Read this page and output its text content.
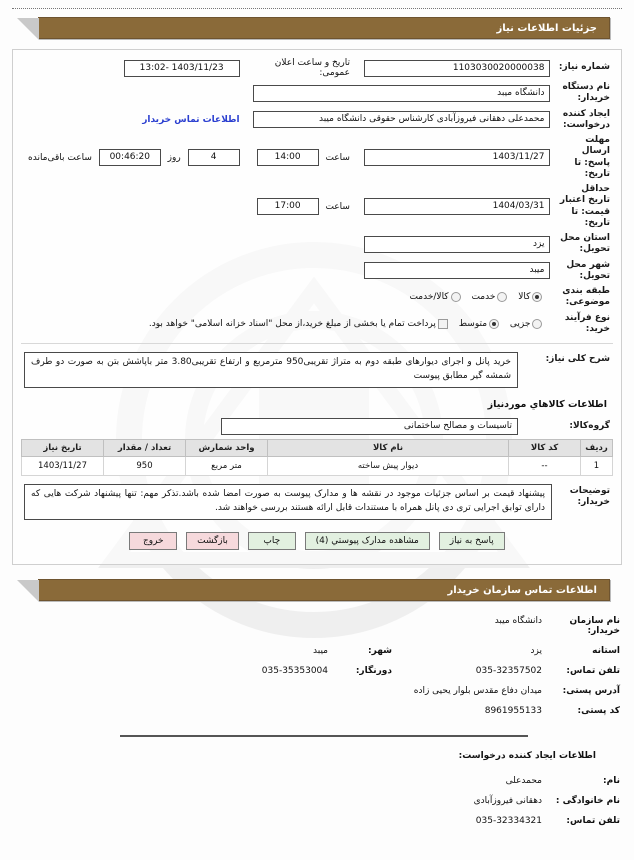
جزئیات اطلاعات نیاز
شماره نیاز:	1103030020000038	تاریخ و ساعت اعلان عمومی:	1403/11/23 -13:02
نام دستگاه خریدار:	دانشگاه میبد		
ایجاد کننده درخواست:	محمدعلی دهقانی فیروزآبادی کارشناس حقوقی دانشگاه میبد		اطلاعات تماس خریدار
مهلت ارسال پاسخ: تا تاریخ:	1403/11/27	ساعت 14:00	4 روز 00:46:20 ساعت باقی‌مانده
حداقل تاریخ اعتبار قیمت: تا تاریخ:	1404/03/31	ساعت 17:00	
استان محل تحویل:	یزد		
شهر محل تحویل:	میبد		
طبقه بندی موضوعی:	کالا خدمت کالا/خدمت		
نوع فرآیند خرید:	جزیی متوسط پرداخت تمام یا بخشی از مبلغ خرید،از محل "اسناد خزانه اسلامی" خواهد بود.		
شرح کلی نیاز:	
خرید پانل و اجرای دیوارهای طبقه دوم به متراژ تقریبی950 مترمربع و ارتفاع تقریبی3.80 متر باپاشش بتن به صورت دو طرف شمشه گیر مطابق پیوست
اطلاعات کالاهاي موردنیاز
گروه‌کالا:	تاسیسات و مصالح ساختمانی
ردیف	کد کالا	نام کالا	واحد شمارش	تعداد / مقدار	تاریخ نیاز
1	--	دیوار پیش ساخته	متر مربع	950	1403/11/27
توضیحات خریدار:	
پیشنهاد قیمت بر اساس جزئیات موجود در نقشه ها و مدارک پیوست به صورت امضا شده باشد.تذکر مهم: تنها پیشنهاد شرکت هایی که دارای توابق اجرایی تری دی پانل همراه با مستندات قابل ارائه هستند بررسی خواهند شد.
پاسخ به نیاز مشاهده مدارک پیوستي (4) چاپ بازگشت خروج
اطلاعات تماس سازمان خریدار
نام سازمان خریدار:	دانشگاه میبد		
استانه	یزد	شهر:	میبد
تلفن تماس:	035-32357502	دورنگار:	035-35353004
آدرس پستی:	میدان دفاع مقدس بلوار یحیی زاده		
کد پستی:	8961955133		
اطلاعات ایجاد کننده درخواست:
نام:	محمدعلی	
نام خانوادگی :	دهقانی فیروزآبادی	
تلفن تماس:	035-32334321	
